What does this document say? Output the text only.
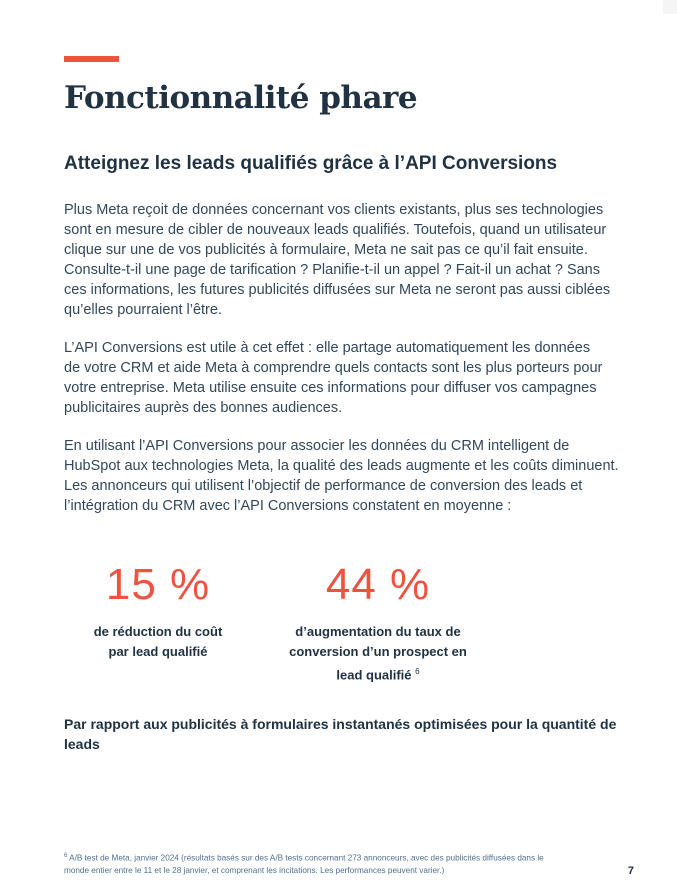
Fonctionnalité phare
Atteignez les leads qualifiés grâce à l’API Conversions

Plus Meta reçoit de données concernant vos clients existants, plus ses technologies
sont en mesure de cibler de nouveaux leads qualifiés. Toutefois, quand un utilisateur
clique sur une de vos publicités à formulaire, Meta ne sait pas ce qu’il fait ensuite.
Consulte-t-il une page de tarification ? Planifie-t-il un appel ? Fait-il un achat ? Sans
ces informations, les futures publicités diffusées sur Meta ne seront pas aussi ciblées
qu’elles pourraient l’être.

L’API Conversions est utile à cet effet : elle partage automatiquement les données
de votre CRM et aide Meta à comprendre quels contacts sont les plus porteurs pour
votre entreprise. Meta utilise ensuite ces informations pour diffuser vos campagnes
publicitaires auprès des bonnes audiences.

En utilisant l’API Conversions pour associer les données du CRM intelligent de
HubSpot aux technologies Meta, la qualité des leads augmente et les coûts diminuent.
Les annonceurs qui utilisent l’objectif de performance de conversion des leads et
l’intégration du CRM avec l’API Conversions constatent en moyenne :

15 %
de réduction du coût
par lead qualifié
44 %
d’augmentation du taux de
conversion d’un prospect en
lead qualifié $^6$

Par rapport aux publicités à formulaires instantanés optimisées pour la quantité de leads

$^6$ A/B test de Meta, janvier 2024 (résultats basés sur des A/B tests concernant 273 annonceurs, avec des publicités diffusées dans le
monde entier entre le 11 et le 28 janvier, et comprenant les incitations. Les performances peuvent varier.)	7
